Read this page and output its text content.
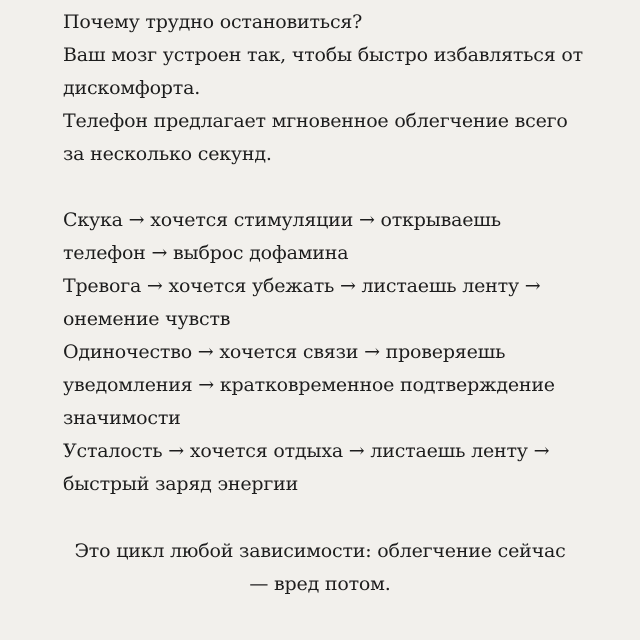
Почему трудно остановиться?
Ваш мозг устроен так, чтобы быстро избавляться от
дискомфорта.
Телефон предлагает мгновенное облегчение всего
за несколько секунд.
Скука → хочется стимуляции → открываешь
телефон → выброс дофамина
Тревога → хочется убежать → листаешь ленту →
онемение чувств
Одиночество → хочется связи → проверяешь
уведомления → кратковременное подтверждение
значимости
Усталость → хочется отдыха → листаешь ленту →
быстрый заряд энергии
Это цикл любой зависимости: облегчение сейчас
— вред потом.
